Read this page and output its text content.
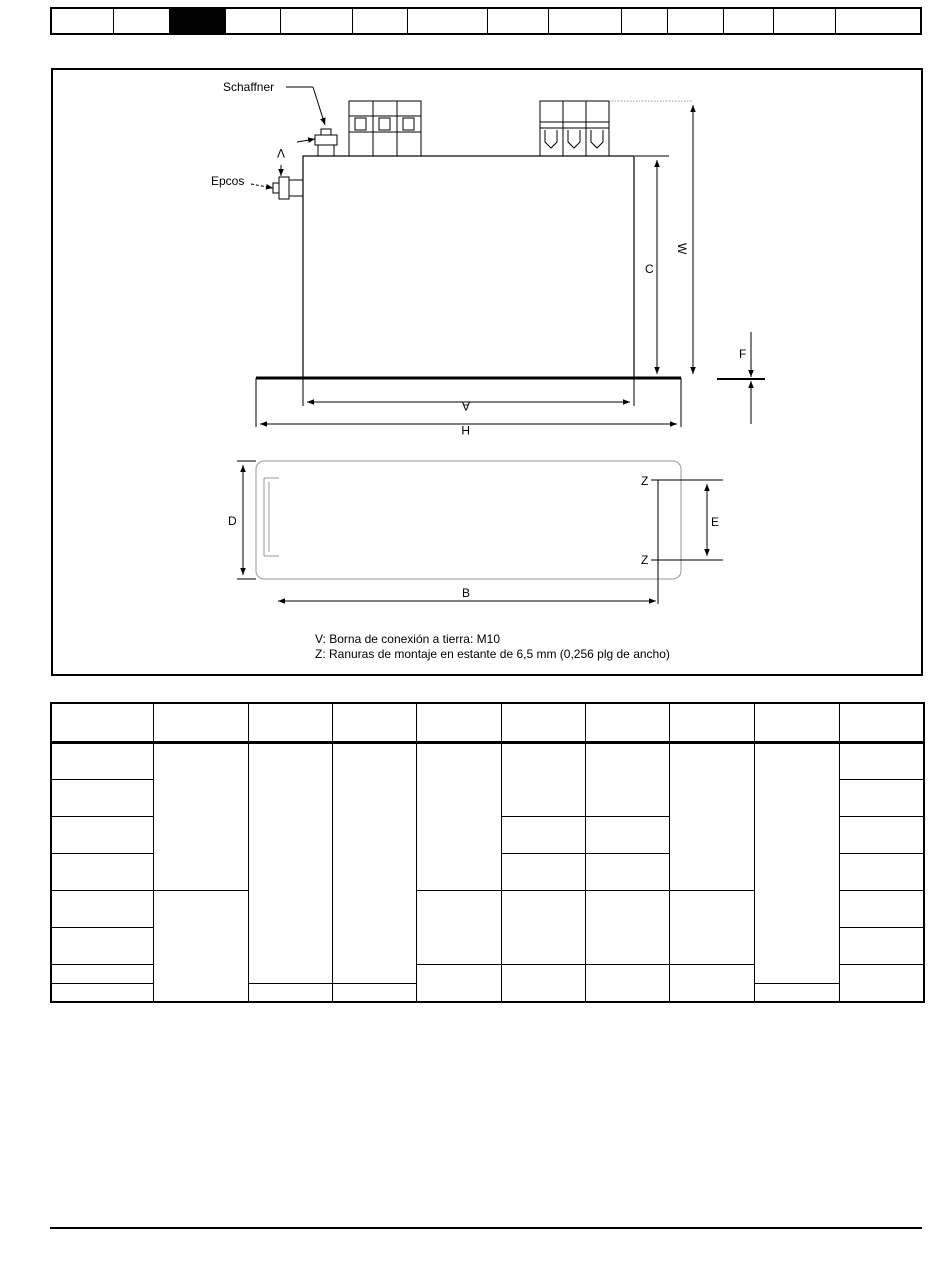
Schaffner
V
Epcos
C
W
F
A
H
D
B
Z
Z
E
V: Borna de conexión a tierra: M10
Z: Ranuras de montaje en estante de 6,5 mm (0,256 plg de ancho)
